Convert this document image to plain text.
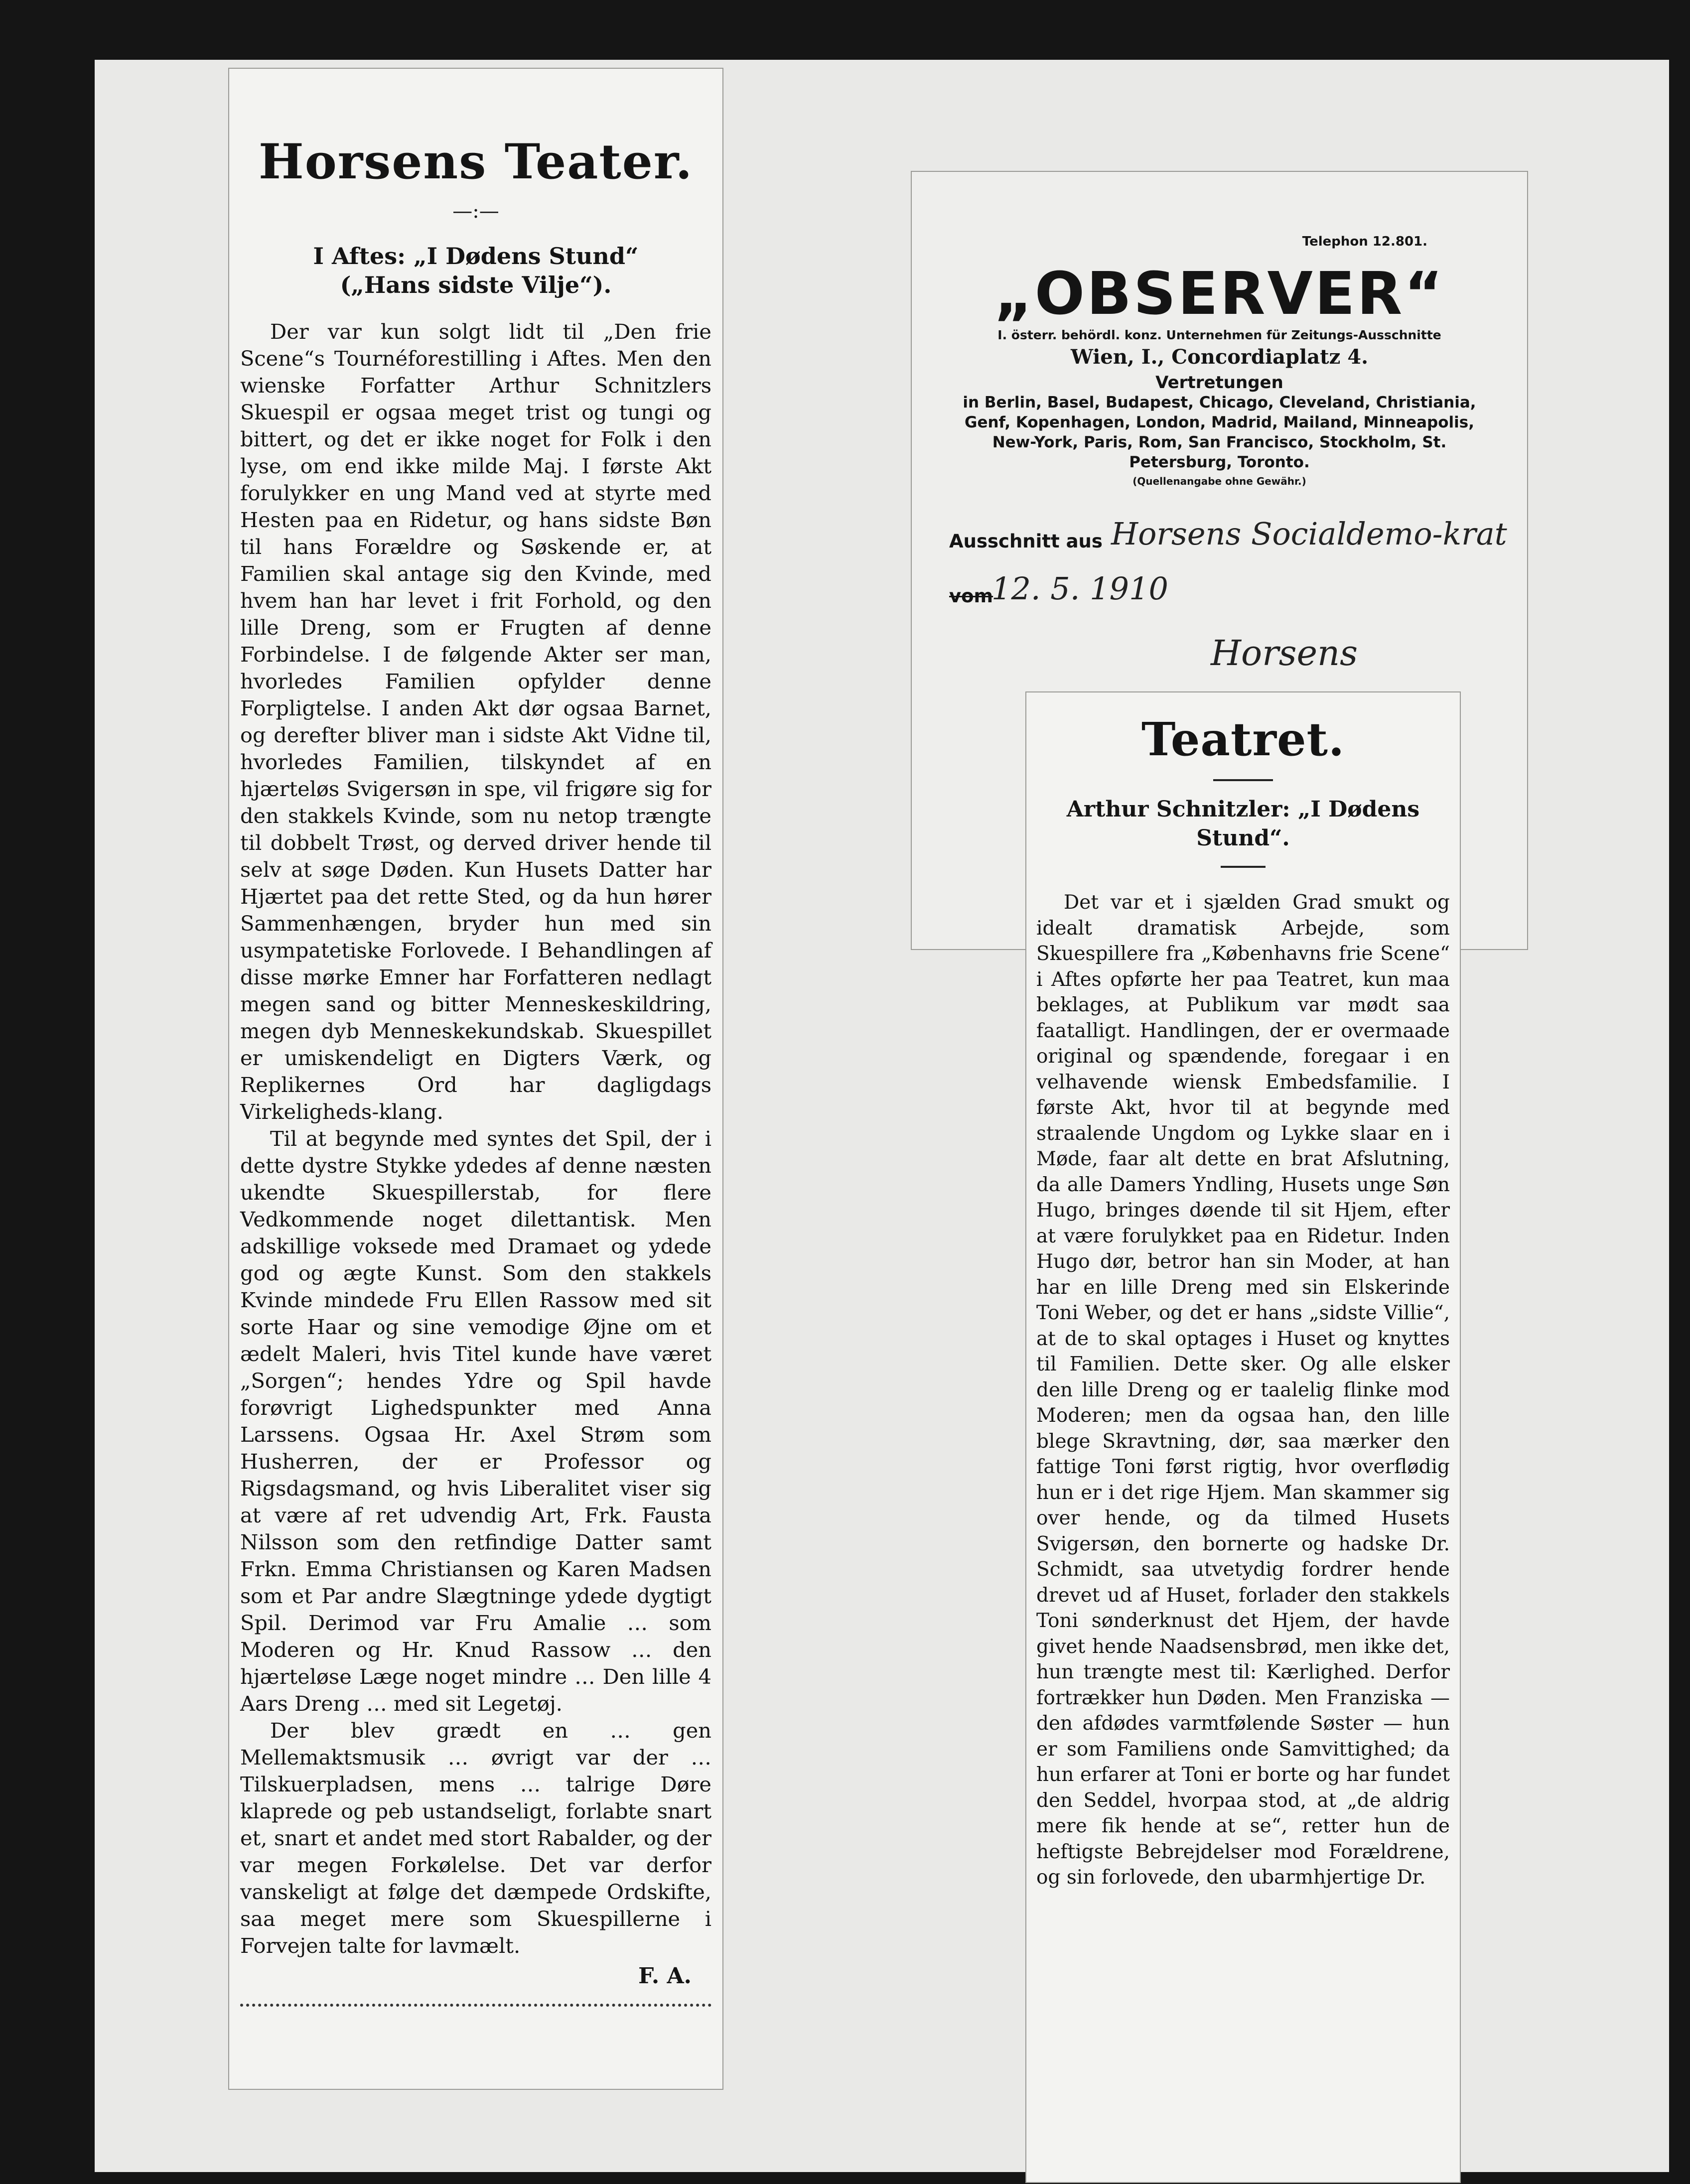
Horsens Teater.
—:—
I Aftes: „I Dødens Stund“
(„Hans sidste Vilje“).

Der var kun solgt lidt til „Den frie Scene“s Tournéforestilling i Aftes. Men den wienske Forfatter Arthur Schnitzlers Skuespil er ogsaa meget trist og tungi og bittert, og det er ikke noget for Folk i den lyse, om end ikke milde Maj. I første Akt forulykker en ung Mand ved at styrte med Hesten paa en Ridetur, og hans sidste Bøn til hans Forældre og Søskende er, at Familien skal antage sig den Kvinde, med hvem han har levet i frit Forhold, og den lille Dreng, som er Frugten af denne Forbindelse. I de følgende Akter ser man, hvorledes Familien opfylder denne Forpligtelse. I anden Akt dør ogsaa Barnet, og derefter bliver man i sidste Akt Vidne til, hvorledes Familien, tilskyndet af en hjærteløs Svigersøn in spe, vil frigøre sig for den stakkels Kvinde, som nu netop trængte til dobbelt Trøst, og derved driver hende til selv at søge Døden. Kun Husets Datter har Hjærtet paa det rette Sted, og da hun hører Sammenhængen, bryder hun med sin usympatetiske Forlovede. I Behandlingen af disse mørke Emner har Forfatteren nedlagt megen sand og bitter Menneskeskildring, megen dyb Menneskekundskab. Skuespillet er umiskendeligt en Digters Værk, og Replikernes Ord har dagligdags Virkeligheds-klang.

Til at begynde med syntes det Spil, der i dette dystre Stykke ydedes af denne næsten ukendte Skuespillerstab, for flere Vedkommende noget dilettantisk. Men adskillige voksede med Dramaet og ydede god og ægte Kunst. Som den stakkels Kvinde mindede Fru Ellen Rassow med sit sorte Haar og sine vemodige Øjne om et ædelt Maleri, hvis Titel kunde have været „Sorgen“; hendes Ydre og Spil havde forøvrigt Lighedspunkter med Anna Larssens. Ogsaa Hr. Axel Strøm som Husherren, der er Professor og Rigsdagsmand, og hvis Liberalitet viser sig at være af ret udvendig Art, Frk. Fausta Nilsson som den retfindige Datter samt Frkn. Emma Christiansen og Karen Madsen som et Par andre Slægtninge ydede dygtigt Spil. Derimod var Fru Amalie … som Moderen og Hr. Knud Rassow … den hjærteløse Læge noget mindre … Den lille 4 Aars Dreng … med sit Legetøj.

Der blev grædt en … gen Mellemaktsmusik … øvrigt var der … Tilskuerpladsen, mens … talrige Døre klaprede og peb ustandseligt, forlabte snart et, snart et andet med stort Rabalder, og der var megen Forkølelse. Det var derfor vanskeligt at følge det dæmpede Ordskifte, saa meget mere som Skuespillerne i Forvejen talte for lavmælt.

F. A.
Telephon 12.801.
„OBSERVER“
I. österr. behördl. konz. Unternehmen für Zeitungs-Ausschnitte
Wien, I., Concordiaplatz 4.
Vertretungen
in Berlin, Basel, Budapest, Chicago, Cleveland, Christiania, Genf, Kopenhagen, London, Madrid, Mailand, Minneapolis, New-York, Paris, Rom, San Francisco, Stockholm, St. Petersburg, Toronto.
(Quellenangabe ohne Gewähr.)
Ausschnitt aus Horsens Socialdemo-krat
vom
12. 5. 1910
Horsens
Teatret.
Arthur Schnitzler: „I Dødens Stund“.

Det var et i sjælden Grad smukt og idealt dramatisk Arbejde, som Skuespillere fra „Københavns frie Scene“ i Aftes opførte her paa Teatret, kun maa beklages, at Publikum var mødt saa faatalligt. Handlingen, der er overmaade original og spændende, foregaar i en velhavende wiensk Embedsfamilie. I første Akt, hvor til at begynde med straalende Ungdom og Lykke slaar en i Møde, faar alt dette en brat Afslutning, da alle Damers Yndling, Husets unge Søn Hugo, bringes døende til sit Hjem, efter at være forulykket paa en Ridetur. Inden Hugo dør, betror han sin Moder, at han har en lille Dreng med sin Elskerinde Toni Weber, og det er hans „sidste Villie“, at de to skal optages i Huset og knyttes til Familien. Dette sker. Og alle elsker den lille Dreng og er taalelig flinke mod Moderen; men da ogsaa han, den lille blege Skravtning, dør, saa mærker den fattige Toni først rigtig, hvor overflødig hun er i det rige Hjem. Man skammer sig over hende, og da tilmed Husets Svigersøn, den bornerte og hadske Dr. Schmidt, saa utvetydig fordrer hende drevet ud af Huset, forlader den stakkels Toni sønderknust det Hjem, der havde givet hende Naadsensbrød, men ikke det, hun trængte mest til: Kærlighed. Derfor fortrækker hun Døden. Men Franziska — den afdødes varmtfølende Søster — hun er som Familiens onde Samvittighed; da hun erfarer at Toni er borte og har fundet den Seddel, hvorpaa stod, at „de aldrig mere fik hende at se“, retter hun de heftigste Bebrejdelser mod Forældrene, og sin forlovede, den ubarmhjertige Dr.
